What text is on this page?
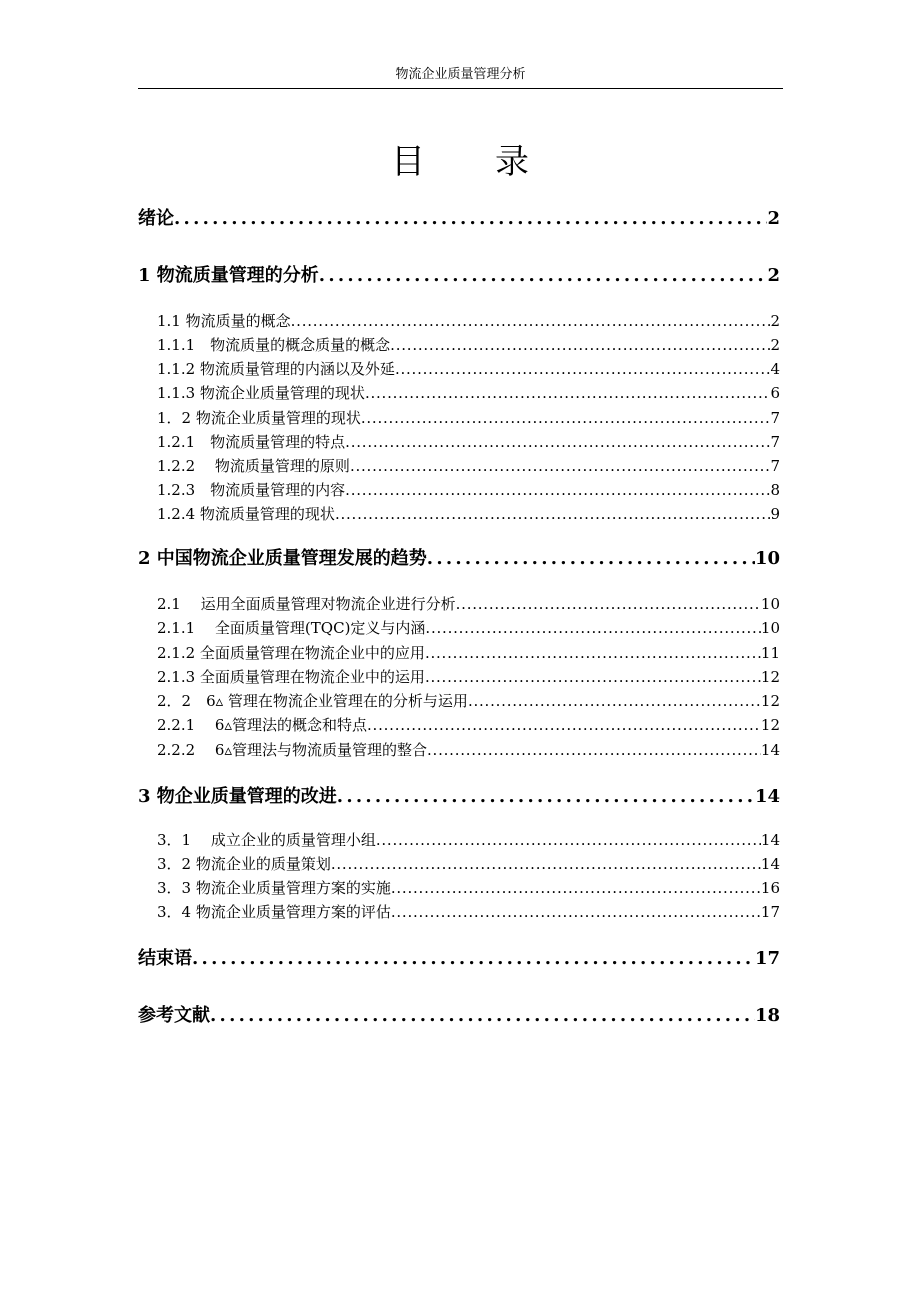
物流企业质量管理分析
目录
绪论 . . .	2
1 物流质量管理的分析 . . .	2
1.1 物流质量的概念 . . .	2
1.1.1　物流质量的概念质量的概念 . . .	2
1.1.2 物流质量管理的内涵以及外延 . . .	4
1.1.3 物流企业质量管理的现状 . . .	6
1．2 物流企业质量管理的现状 . . .	7
1.2.1　物流质量管理的特点 . . .	7
1.2.2　 物流质量管理的原则 . . .	7
1.2.3　物流质量管理的内容 . . .	8
1.2.4 物流质量管理的现状 . . .	9
2 中国物流企业质量管理发展的趋势 . . .	10
2.1　 运用全面质量管理对物流企业进行分析 . . .	10
2.1.1　 全面质量管理(TQC)定义与内涵 . . .	10
2.1.2 全面质量管理在物流企业中的应用 . . .	11
2.1.3 全面质量管理在物流企业中的运用 . . .	12
2．2　6▵ 管理在物流企业管理在的分析与运用 . . .	12
2.2.1　 6▵管理法的概念和特点 . . .	12
2.2.2　 6▵管理法与物流质量管理的整合 . . .	14
3 物企业质量管理的改进 . . .	14
3．1　 成立企业的质量管理小组 . . .	14
3．2 物流企业的质量策划 . . .	14
3．3 物流企业质量管理方案的实施 . . .	16
3．4 物流企业质量管理方案的评估 . . .	17
结束语 . . .	17
参考文献 . . .	18
